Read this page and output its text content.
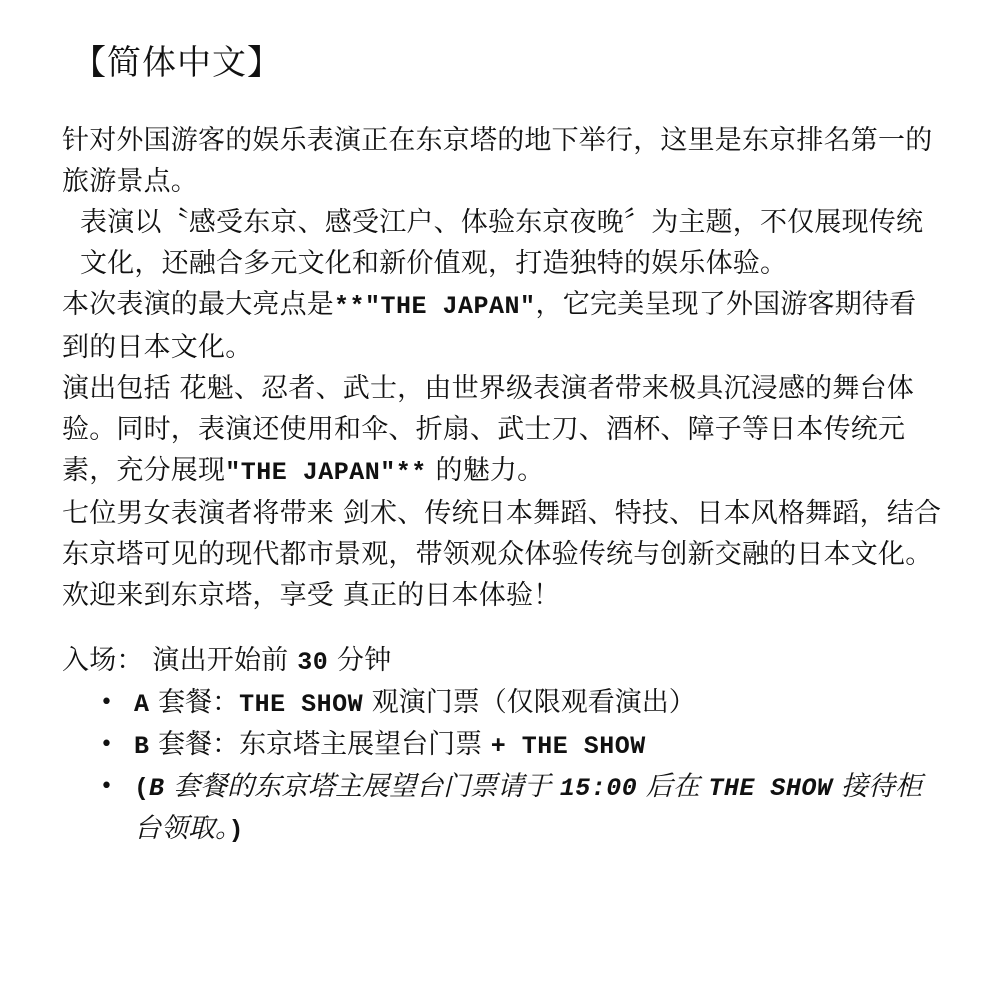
【简体中文】

针对外国游客的娱乐表演正在东京塔的地下举行，这里是东京排名第一的旅游景点。

表演以〝感受东京、感受江户、体验东京夜晚〞为主题，不仅展现传统文化，还融合多元文化和新价值观，打造独特的娱乐体验。

本次表演的最大亮点是**"THE JAPAN"，它完美呈现了外国游客期待看到的日本文化。

演出包括 花魁、忍者、武士，由世界级表演者带来极具沉浸感的舞台体验。同时，表演还使用和伞、折扇、武士刀、酒杯、障子等日本传统元素，充分展现"THE JAPAN"** 的魅力。

七位男女表演者将带来 剑术、传统日本舞蹈、特技、日本风格舞蹈，结合东京塔可见的现代都市景观，带领观众体验传统与创新交融的日本文化。

欢迎来到东京塔，享受 真正的日本体验！

入场： 演出开始前 30 分钟

• A 套餐：THE SHOW 观演门票（仅限观看演出）
• B 套餐：东京塔主展望台门票 + THE SHOW
• (B 套餐的东京塔主展望台门票请于 15:00 后在 THE SHOW 接待柜台领取。)
